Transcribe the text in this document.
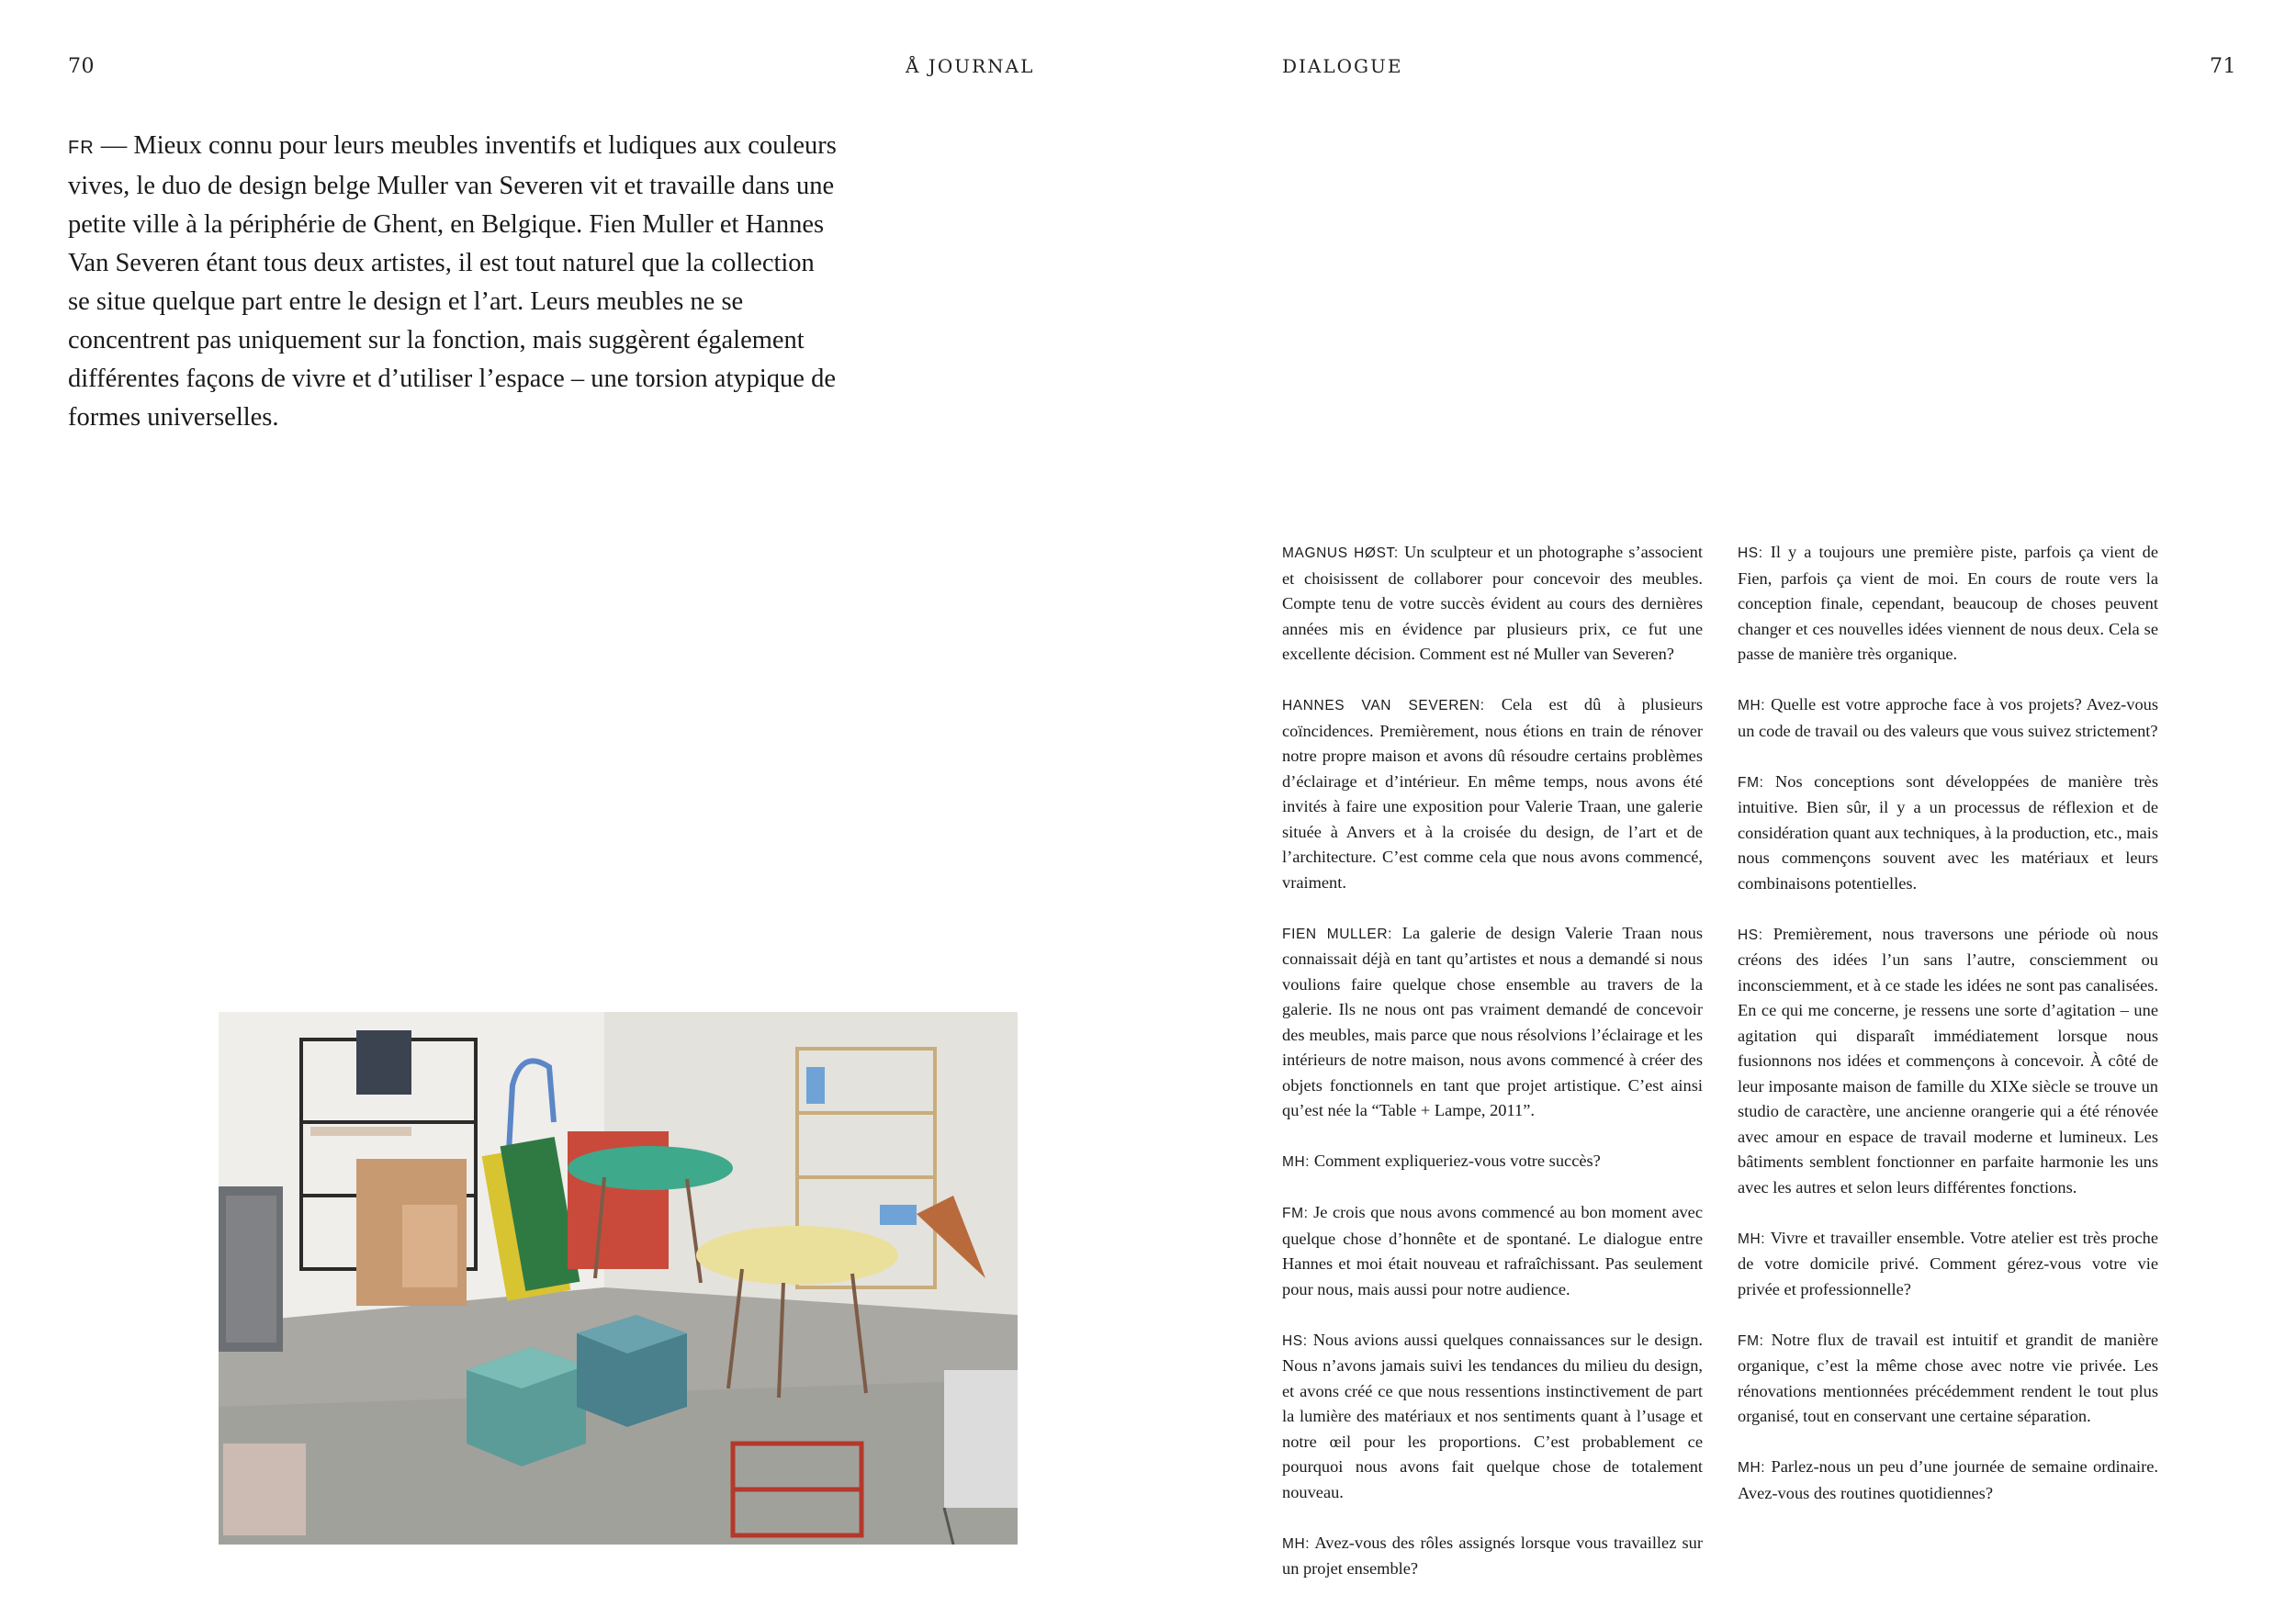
70	Å JOURNAL	DIALOGUE	71

FR — Mieux connu pour leurs meubles inventifs et ludiques aux couleurs vives, le duo de design belge Muller van Severen vit et travaille dans une petite ville à la périphérie de Ghent, en Belgique. Fien Muller et Hannes Van Severen étant tous deux artistes, il est tout naturel que la collection se situe quelque part entre le design et l’art. Leurs meubles ne se concentrent pas uniquement sur la fonction, mais suggèrent également différentes façons de vivre et d’utiliser l’espace – une torsion atypique de formes universelles.

MAGNUS HØST: Un sculpteur et un photographe s’associent et choisissent de collaborer pour concevoir des meubles. Compte tenu de votre succès évident au cours des dernières années mis en évidence par plusieurs prix, ce fut une excellente décision. Comment est né Muller van Severen?

HANNES VAN SEVEREN: Cela est dû à plusieurs coïncidences. Premièrement, nous étions en train de rénover notre propre maison et avons dû résoudre certains problèmes d’éclairage et d’intérieur. En même temps, nous avons été invités à faire une exposition pour Valerie Traan, une galerie située à Anvers et à la croisée du design, de l’art et de l’architecture. C’est comme cela que nous avons commencé, vraiment.

FIEN MULLER: La galerie de design Valerie Traan nous connaissait déjà en tant qu’artistes et nous a demandé si nous voulions faire quelque chose ensemble au travers de la galerie. Ils ne nous ont pas vraiment demandé de concevoir des meubles, mais parce que nous résolvions l’éclairage et les intérieurs de notre maison, nous avons commencé à créer des objets fonctionnels en tant que projet artistique. C’est ainsi qu’est née la “Table + Lampe, 2011”.

MH: Comment expliqueriez-vous votre succès?

FM: Je crois que nous avons commencé au bon moment avec quelque chose d’honnête et de spontané. Le dialogue entre Hannes et moi était nouveau et rafraîchissant. Pas seulement pour nous, mais aussi pour notre audience.

HS: Nous avions aussi quelques connaissances sur le design. Nous n’avons jamais suivi les tendances du milieu du design, et avons créé ce que nous ressentions instinctivement de part la lumière des matériaux et nos sentiments quant à l’usage et notre œil pour les proportions. C’est probablement ce pourquoi nous avons fait quelque chose de totalement nouveau.

MH: Avez-vous des rôles assignés lorsque vous travaillez sur un projet ensemble?

HS: Il y a toujours une première piste, parfois ça vient de Fien, parfois ça vient de moi. En cours de route vers la conception finale, cependant, beaucoup de choses peuvent changer et ces nouvelles idées viennent de nous deux. Cela se passe de manière très organique.

MH: Quelle est votre approche face à vos projets? Avez-vous un code de travail ou des valeurs que vous suivez strictement?

FM: Nos conceptions sont développées de manière très intuitive. Bien sûr, il y a un processus de réflexion et de considération quant aux techniques, à la production, etc., mais nous commençons souvent avec les matériaux et leurs combinaisons potentielles.

HS: Premièrement, nous traversons une période où nous créons des idées l’un sans l’autre, consciemment ou inconsciemment, et à ce stade les idées ne sont pas canalisées. En ce qui me concerne, je ressens une sorte d’agitation – une agitation qui disparaît immédiatement lorsque nous fusionnons nos idées et commençons à concevoir. À côté de leur imposante maison de famille du XIXe siècle se trouve un studio de caractère, une ancienne orangerie qui a été rénovée avec amour en espace de travail moderne et lumineux. Les bâtiments semblent fonctionner en parfaite harmonie les uns avec les autres et selon leurs différentes fonctions.

MH: Vivre et travailler ensemble. Votre atelier est très proche de votre domicile privé. Comment gérez-vous votre vie privée et professionnelle?

FM: Notre flux de travail est intuitif et grandit de manière organique, c’est la même chose avec notre vie privée. Les rénovations mentionnées précédemment rendent le tout plus organisé, tout en conservant une certaine séparation.

MH: Parlez-nous un peu d’une journée de semaine ordinaire. Avez-vous des routines quotidiennes?
